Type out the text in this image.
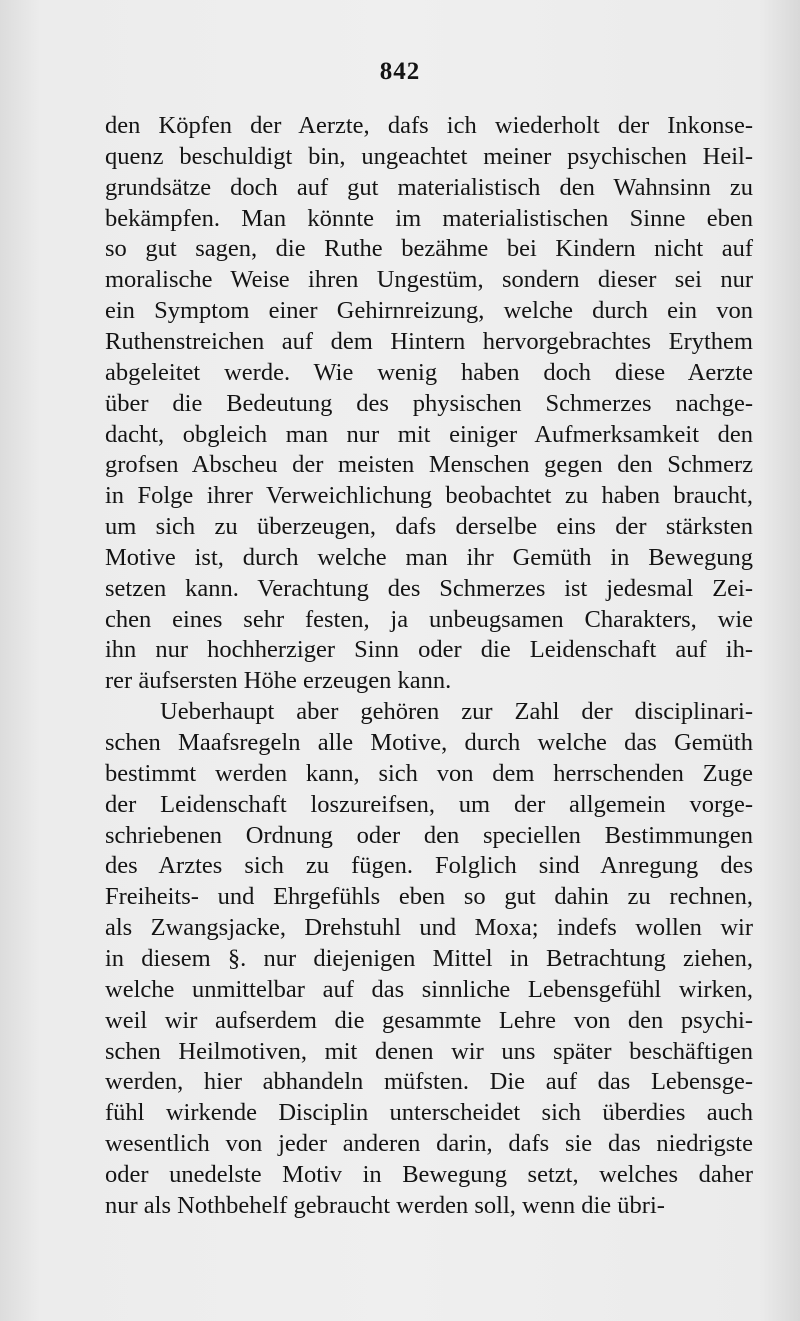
842
den Köpfen der Aerzte, dafs ich wiederholt der Inkonse-
quenz beschuldigt bin, ungeachtet meiner psychischen Heil-
grundsätze doch auf gut materialistisch den Wahnsinn zu
bekämpfen. Man könnte im materialistischen Sinne eben
so gut sagen, die Ruthe bezähme bei Kindern nicht auf
moralische Weise ihren Ungestüm, sondern dieser sei nur
ein Symptom einer Gehirnreizung, welche durch ein von
Ruthenstreichen auf dem Hintern hervorgebrachtes Erythem
abgeleitet werde. Wie wenig haben doch diese Aerzte
über die Bedeutung des physischen Schmerzes nachge-
dacht, obgleich man nur mit einiger Aufmerksamkeit den
grofsen Abscheu der meisten Menschen gegen den Schmerz
in Folge ihrer Verweichlichung beobachtet zu haben braucht,
um sich zu überzeugen, dafs derselbe eins der stärksten
Motive ist, durch welche man ihr Gemüth in Bewegung
setzen kann. Verachtung des Schmerzes ist jedesmal Zei-
chen eines sehr festen, ja unbeugsamen Charakters, wie
ihn nur hochherziger Sinn oder die Leidenschaft auf ih-
rer äufsersten Höhe erzeugen kann.
Ueberhaupt aber gehören zur Zahl der disciplinari-
schen Maafsregeln alle Motive, durch welche das Gemüth
bestimmt werden kann, sich von dem herrschenden Zuge
der Leidenschaft loszureifsen, um der allgemein vorge-
schriebenen Ordnung oder den speciellen Bestimmungen
des Arztes sich zu fügen. Folglich sind Anregung des
Freiheits- und Ehrgefühls eben so gut dahin zu rechnen,
als Zwangsjacke, Drehstuhl und Moxa; indefs wollen wir
in diesem §. nur diejenigen Mittel in Betrachtung ziehen,
welche unmittelbar auf das sinnliche Lebensgefühl wirken,
weil wir aufserdem die gesammte Lehre von den psychi-
schen Heilmotiven, mit denen wir uns später beschäftigen
werden, hier abhandeln müfsten. Die auf das Lebensge-
fühl wirkende Disciplin unterscheidet sich überdies auch
wesentlich von jeder anderen darin, dafs sie das niedrigste
oder unedelste Motiv in Bewegung setzt, welches daher
nur als Nothbehelf gebraucht werden soll, wenn die übri-
